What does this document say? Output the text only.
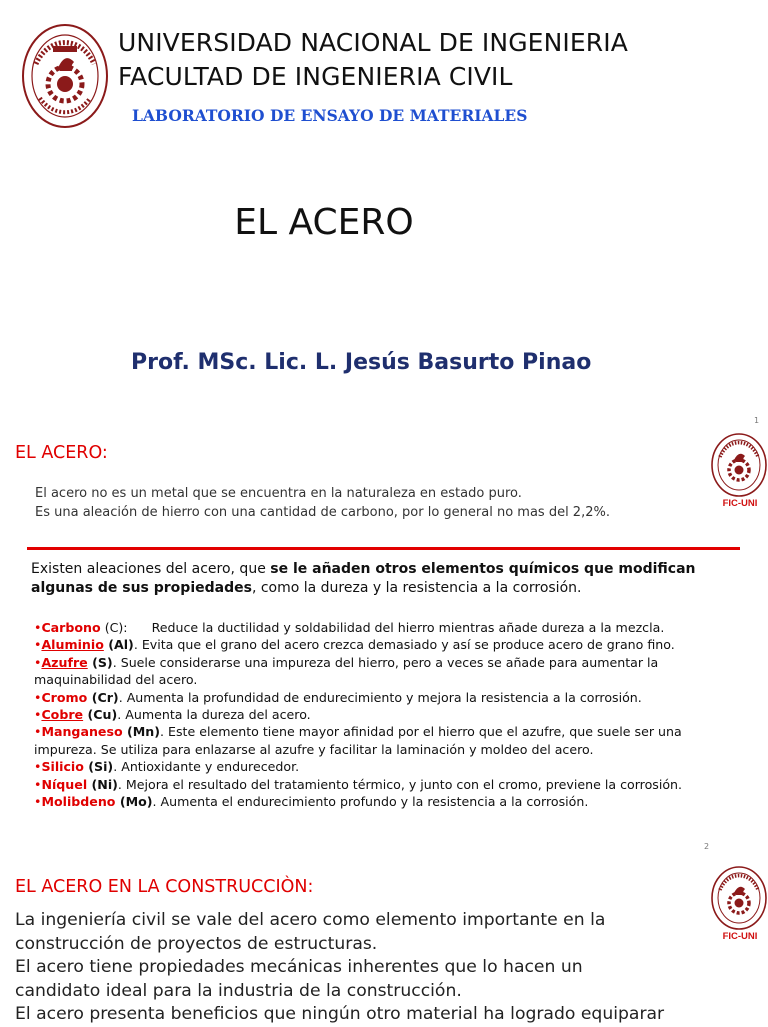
UNIVERSIDAD NACIONAL DE INGENIERIA
FACULTAD DE INGENIERIA CIVIL
LABORATORIO DE ENSAYO DE MATERIALES
EL ACERO
Prof. MSc. Lic. L. Jesús Basurto Pinao
1
EL ACERO:
FIC-UNI
El acero no es un metal que se encuentra en la naturaleza en estado puro.
Es una aleación de hierro con una cantidad de carbono, por lo general no mas del 2,2%.
Existen aleaciones del acero, que se le añaden otros elementos químicos que modifican algunas de sus propiedades, como la dureza y la resistencia a la corrosión.
•Carbono (C):      Reduce la ductilidad y soldabilidad del hierro mientras añade dureza a la mezcla.
•Aluminio (Al). Evita que el grano del acero crezca demasiado y así se produce acero de grano fino.
•Azufre (S). Suele considerarse una impureza del hierro, pero a veces se añade para aumentar la maquinabilidad del acero.
•Cromo (Cr). Aumenta la profundidad de endurecimiento y mejora la resistencia a la corrosión.
•Cobre (Cu). Aumenta la dureza del acero.
•Manganeso (Mn). Este elemento tiene mayor afinidad por el hierro que el azufre, que suele ser una impureza. Se utiliza para enlazarse al azufre y facilitar la laminación y moldeo del acero.
•Silicio (Si). Antioxidante y endurecedor.
•Níquel (Ni). Mejora el resultado del tratamiento térmico, y junto con el cromo, previene la corrosión.
•Molibdeno (Mo). Aumenta el endurecimiento profundo y la resistencia a la corrosión.
2
EL ACERO EN LA CONSTRUCCIÒN:
FIC-UNI
La ingeniería civil se vale del acero como elemento importante en la
construcción de proyectos de estructuras.
El acero tiene propiedades mecánicas inherentes que lo hacen un
candidato ideal para la industria de la construcción.
El acero presenta beneficios que ningún otro material ha logrado equiparar
